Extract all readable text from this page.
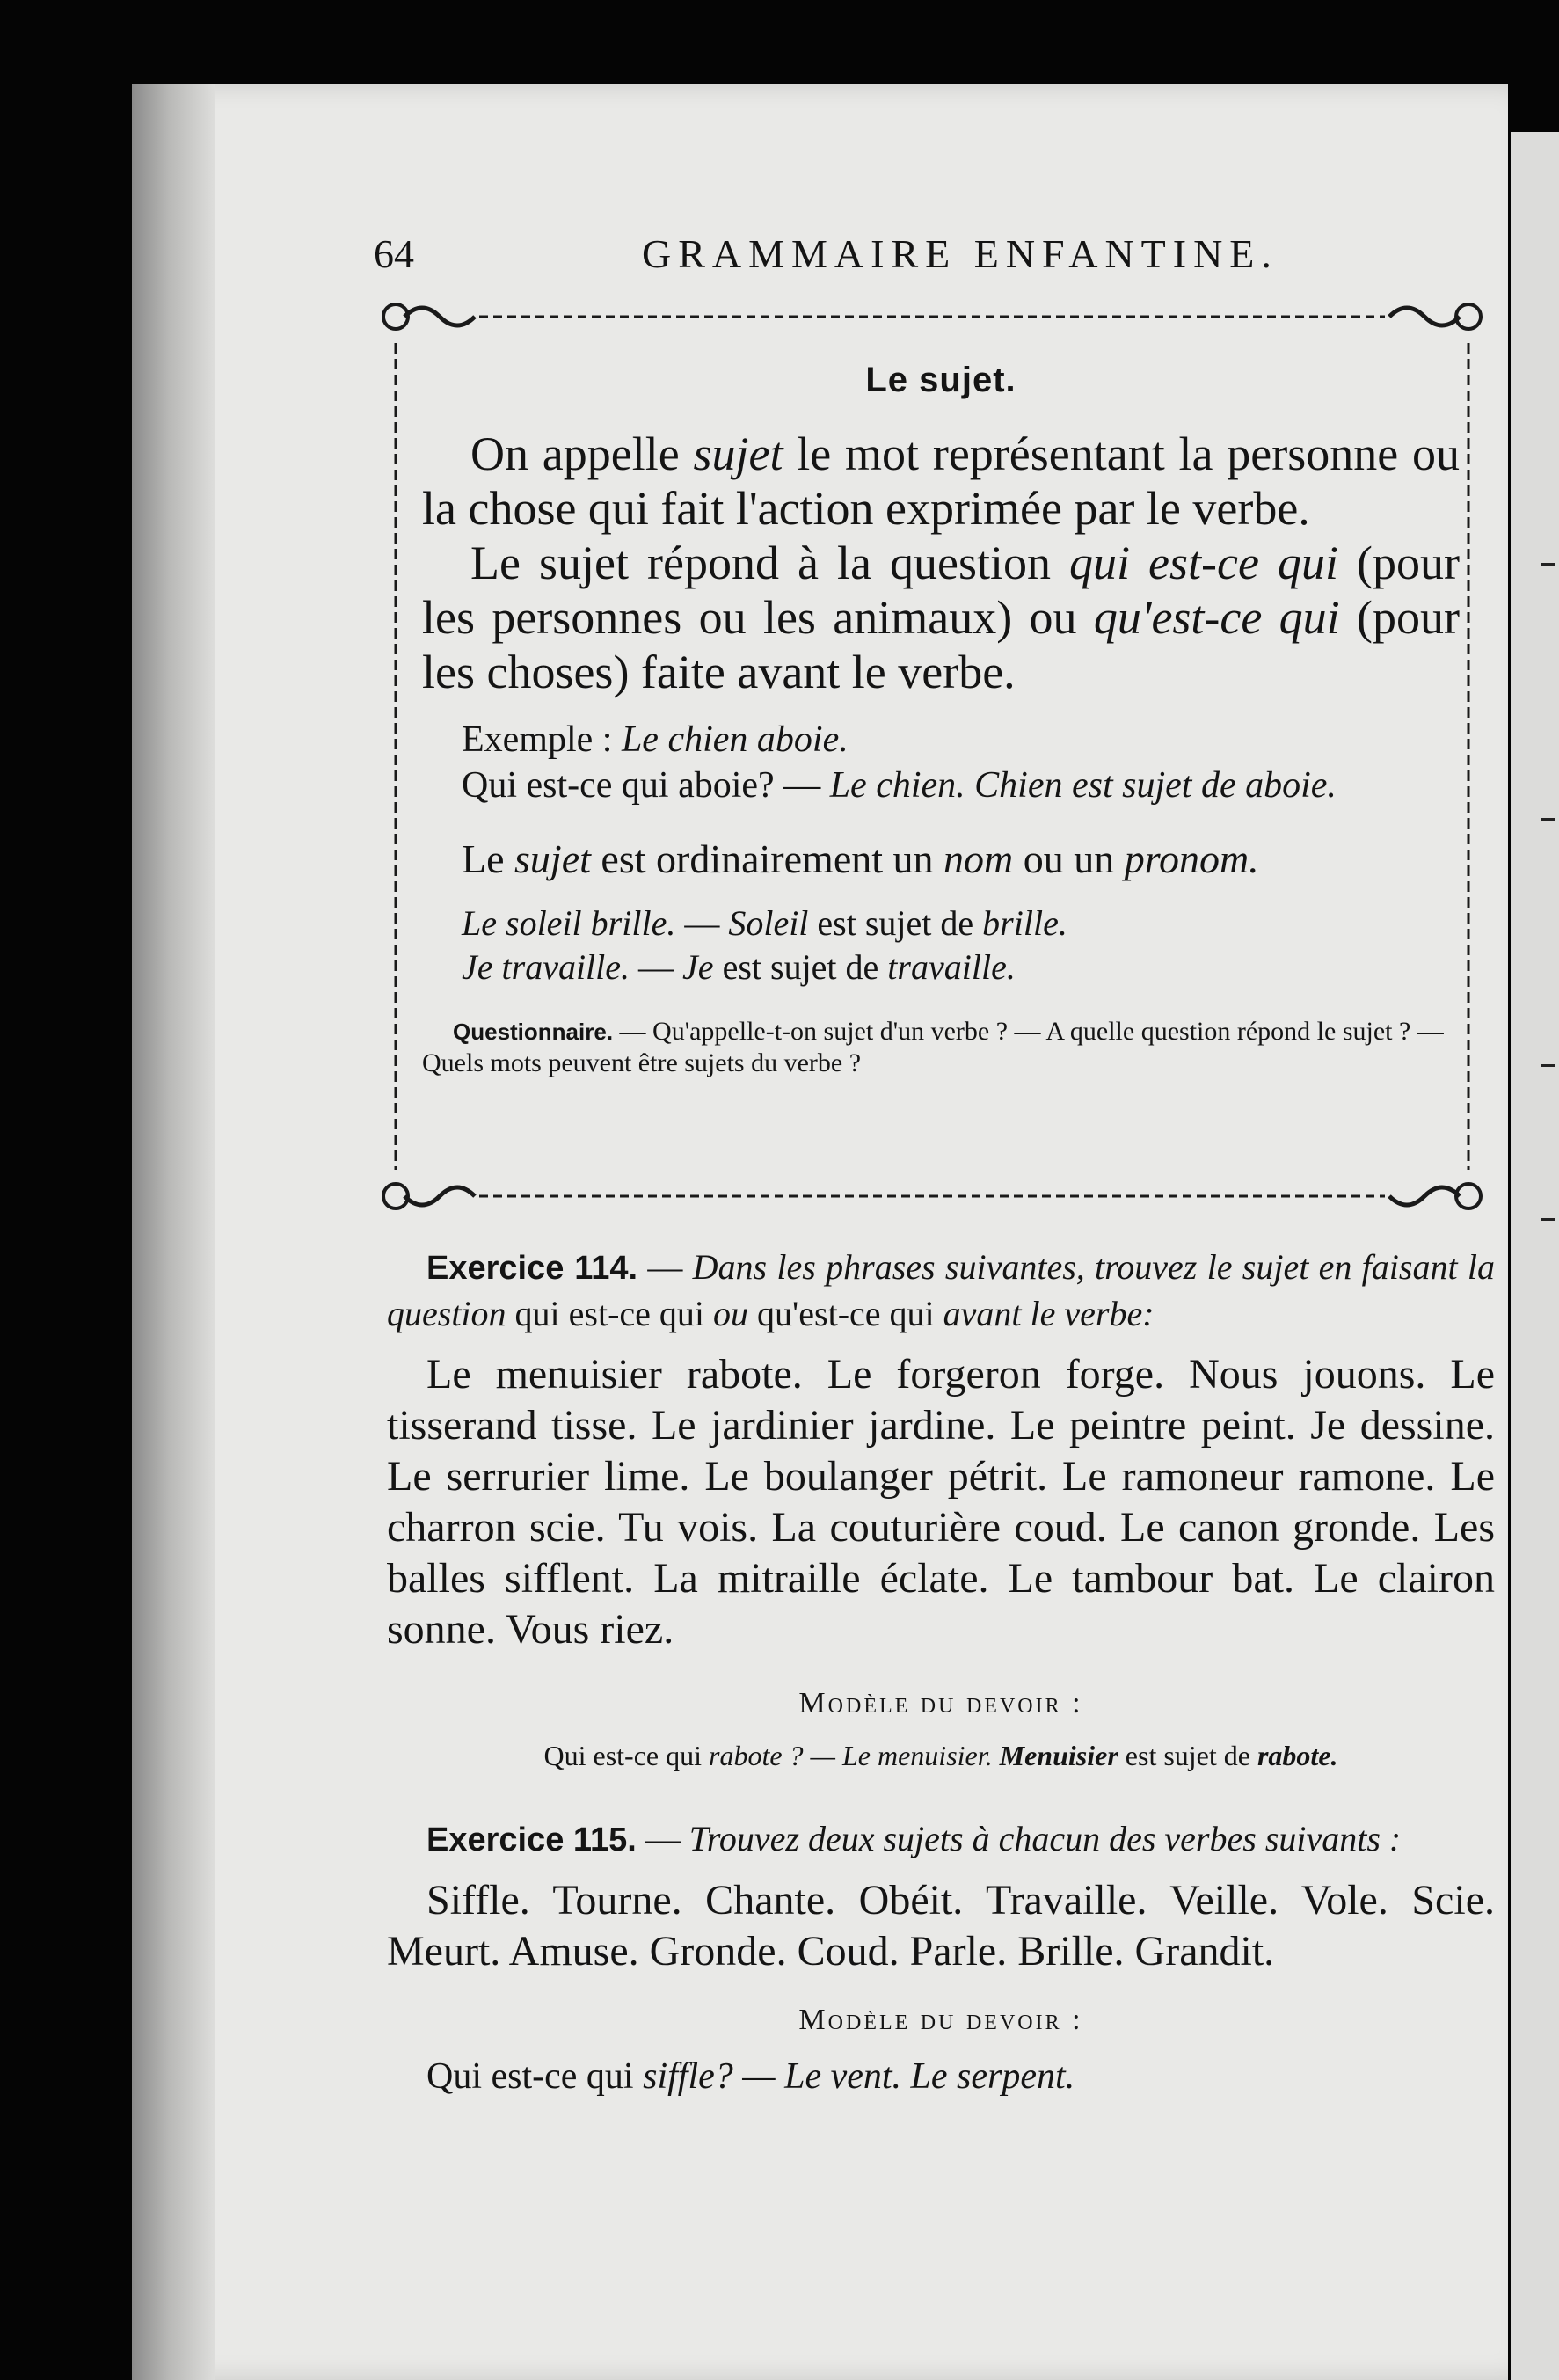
64	GRAMMAIRE ENFANTINE.
Le sujet.
On appelle sujet le mot représentant la personne ou la chose qui fait l'action exprimée par le verbe.
Le sujet répond à la question qui est-ce qui (pour les personnes ou les animaux) ou qu'est-ce qui (pour les choses) faite avant le verbe.
Exemple : Le chien aboie.
Qui est-ce qui aboie? — Le chien. Chien est sujet de aboie.
Le sujet est ordinairement un nom ou un pronom.
Le soleil brille. — Soleil est sujet de brille.
Je travaille. — Je est sujet de travaille.
Questionnaire. — Qu'appelle-t-on sujet d'un verbe ? — A quelle question répond le sujet ? — Quels mots peuvent être sujets du verbe ?
Exercice 114. — Dans les phrases suivantes, trouvez le sujet en faisant la question qui est-ce qui ou qu'est-ce qui avant le verbe:
Le menuisier rabote. Le forgeron forge. Nous jouons. Le tisserand tisse. Le jardinier jardine. Le peintre peint. Je dessine. Le serrurier lime. Le boulanger pétrit. Le ramoneur ramone. Le charron scie. Tu vois. La couturière coud. Le canon gronde. Les balles sifflent. La mitraille éclate. Le tambour bat. Le clairon sonne. Vous riez.
Modèle du devoir :
Qui est-ce qui rabote ? — Le menuisier. Menuisier est sujet de rabote.
Exercice 115. — Trouvez deux sujets à chacun des verbes suivants :
Siffle. Tourne. Chante. Obéit. Travaille. Veille. Vole. Scie. Meurt. Amuse. Gronde. Coud. Parle. Brille. Grandit.
Modèle du devoir :
Qui est-ce qui siffle? — Le vent. Le serpent.
